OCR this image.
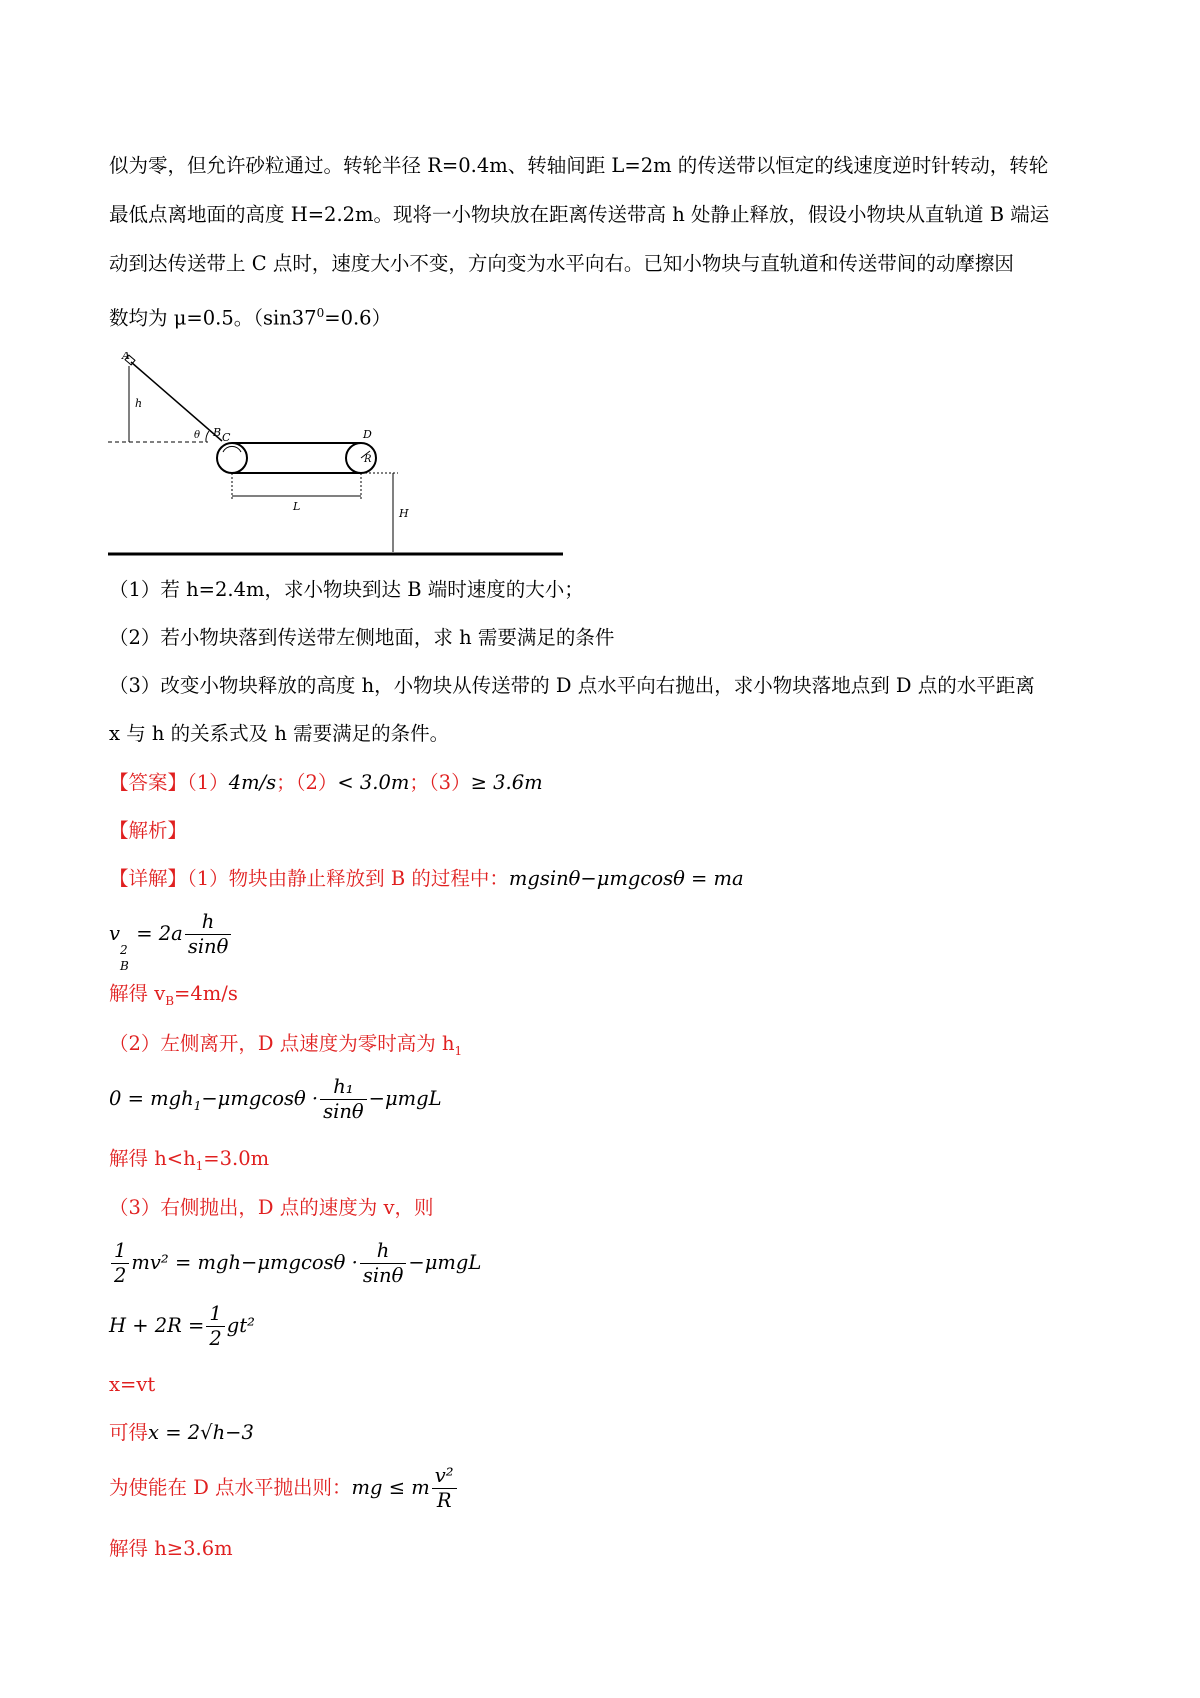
似为零，但允许砂粒通过。转轮半径 R=0.4m、转轴间距 L=2m 的传送带以恒定的线速度逆时针转动，转轮
最低点离地面的高度 H=2.2m。现将一小物块放在距离传送带高 h 处静止释放，假设小物块从直轨道 B 端运
动到达传送带上 C 点时，速度大小不变，方向变为水平向右。已知小物块与直轨道和传送带间的动摩擦因
数均为 μ=0.5。$(\sin 37^0=0.6)$
A
h
θ B C	D
R
L
H
（1）若 h=2.4m，求小物块到达 B 端时速度的大小；
（2）若小物块落到传送带左侧地面，求 h 需要满足的条件
（3）改变小物块释放的高度 h，小物块从传送带的 D 点水平向右抛出，求小物块落地点到 D 点的水平距离
x 与 h 的关系式及 h 需要满足的条件。
【答案】（1）4m/s；（2）< 3.0m；（3）≥ 3.6m
【解析】
【详解】（1）物块由静止释放到 B 的过程中：mgsinθ−μmgcosθ = ma
v
2
B
= $2a \frac{h}{\sin\theta}$
解得 $v_B=4m/s$
（2）左侧离开，D 点速度为零时高为 $h_1$
$0 = mgh_1-\mu mgcos\theta \cdot \frac{\text{h₁}}{\sin\theta} -\mu mgL$
解得 $h<h_1=3.0m$
（3）右侧抛出，D 点的速度为 v，则
$\frac{1}{2} mv^2 = mgh-\mu mgcos\theta \cdot \frac{h}{\sin\theta} -\mu mgL$
$H + 2R = \frac{1}{2} gt^2$
x=vt
可得x = 2√h−3
为使能在 D 点水平抛出则：mg ≤ m $\frac{\text{v²}}{R}$
解得 h≥3.6m
